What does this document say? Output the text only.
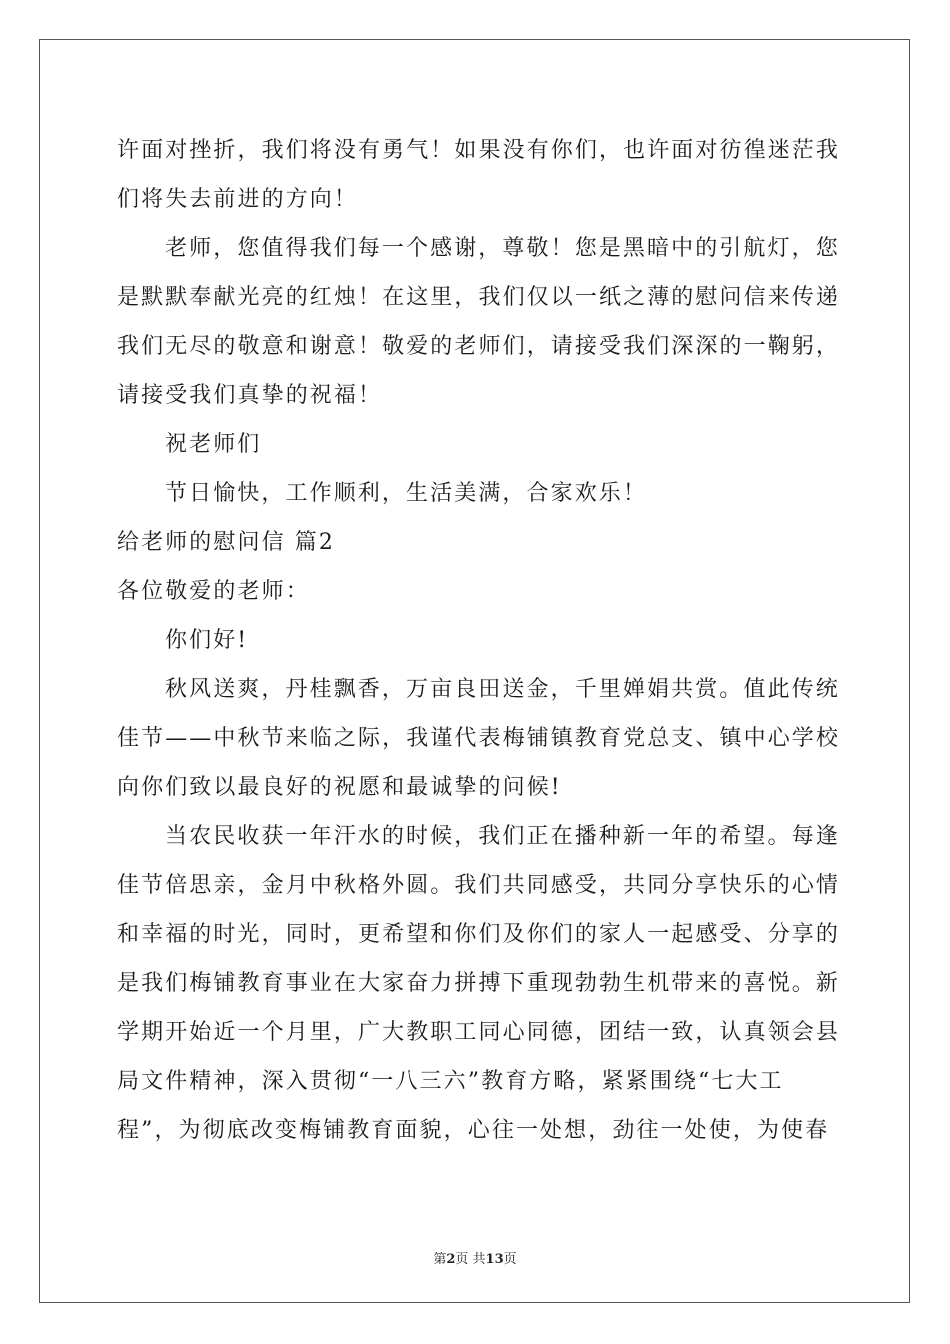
许面对挫折，我们将没有勇气！如果没有你们，也许面对彷徨迷茫我
们将失去前进的方向！
老师，您值得我们每一个感谢，尊敬！您是黑暗中的引航灯，您
是默默奉献光亮的红烛！在这里，我们仅以一纸之薄的慰问信来传递
我们无尽的敬意和谢意！敬爱的老师们，请接受我们深深的一鞠躬，
请接受我们真挚的祝福！
祝老师们
节日愉快，工作顺利，生活美满，合家欢乐！
给老师的慰问信 篇2
各位敬爱的老师：
你们好!
秋风送爽，丹桂飘香，万亩良田送金，千里婵娟共赏。值此传统
佳节——中秋节来临之际，我谨代表梅铺镇教育党总支、镇中心学校
向你们致以最良好的祝愿和最诚挚的问候!
当农民收获一年汗水的时候，我们正在播种新一年的希望。每逢
佳节倍思亲，金月中秋格外圆。我们共同感受，共同分享快乐的心情
和幸福的时光，同时，更希望和你们及你们的家人一起感受、分享的
是我们梅铺教育事业在大家奋力拼搏下重现勃勃生机带来的喜悦。新
学期开始近一个月里，广大教职工同心同德，团结一致，认真领会县
局文件精神，深入贯彻“一八三六”教育方略，紧紧围绕“七大工
程”，为彻底改变梅铺教育面貌，心往一处想，劲往一处使，为使春
第2页 共13页
